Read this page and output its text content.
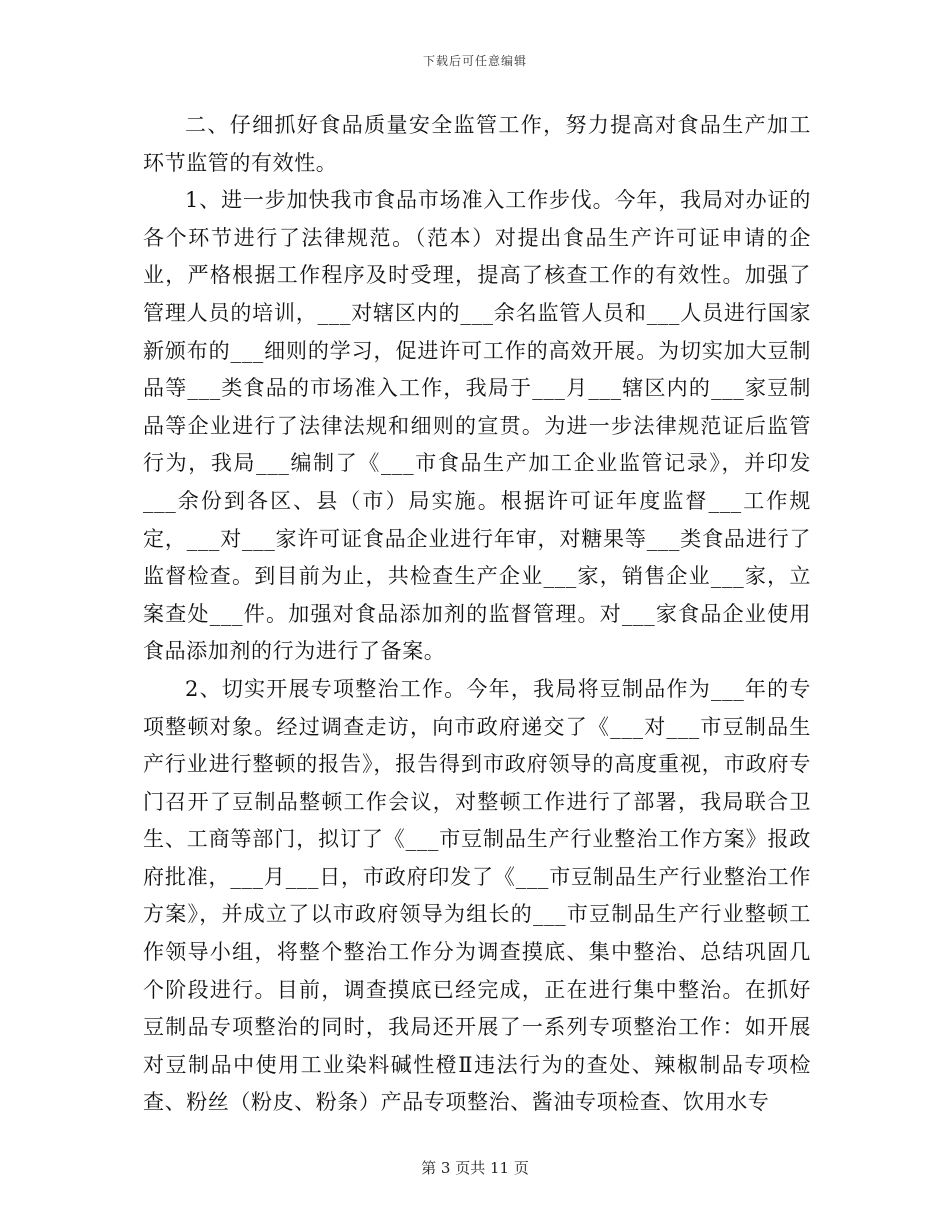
下载后可任意编辑

二、仔细抓好食品质量安全监管工作，努力提高对食品生产加工环节监管的有效性。

1、进一步加快我市食品市场准入工作步伐。今年，我局对办证的各个环节进行了法律规范。（范本）对提出食品生产许可证申请的企业，严格根据工作程序及时受理，提高了核查工作的有效性。加强了管理人员的培训，___对辖区内的___余名监管人员和___人员进行国家新颁布的___细则的学习，促进许可工作的高效开展。为切实加大豆制品等___类食品的市场准入工作，我局于___月___辖区内的___家豆制品等企业进行了法律法规和细则的宣贯。为进一步法律规范证后监管行为，我局___编制了《___市食品生产加工企业监管记录》，并印发___余份到各区、县（市）局实施。根据许可证年度监督___工作规定，___对___家许可证食品企业进行年审，对糖果等___类食品进行了监督检查。到目前为止，共检查生产企业___家，销售企业___家，立案查处___件。加强对食品添加剂的监督管理。对___家食品企业使用食品添加剂的行为进行了备案。

2、切实开展专项整治工作。今年，我局将豆制品作为___年的专项整顿对象。经过调查走访，向市政府递交了《___对___市豆制品生产行业进行整顿的报告》，报告得到市政府领导的高度重视，市政府专门召开了豆制品整顿工作会议，对整顿工作进行了部署，我局联合卫生、工商等部门，拟订了《___市豆制品生产行业整治工作方案》报政府批准，___月___日，市政府印发了《___市豆制品生产行业整治工作方案》，并成立了以市政府领导为组长的___市豆制品生产行业整顿工作领导小组，将整个整治工作分为调查摸底、集中整治、总结巩固几个阶段进行。目前，调查摸底已经完成，正在进行集中整治。在抓好豆制品专项整治的同时，我局还开展了一系列专项整治工作：如开展对豆制品中使用工业染料碱性橙Ⅱ违法行为的查处、辣椒制品专项检查、粉丝（粉皮、粉条）产品专项整治、酱油专项检查、饮用水专

第 3 页共 11 页
